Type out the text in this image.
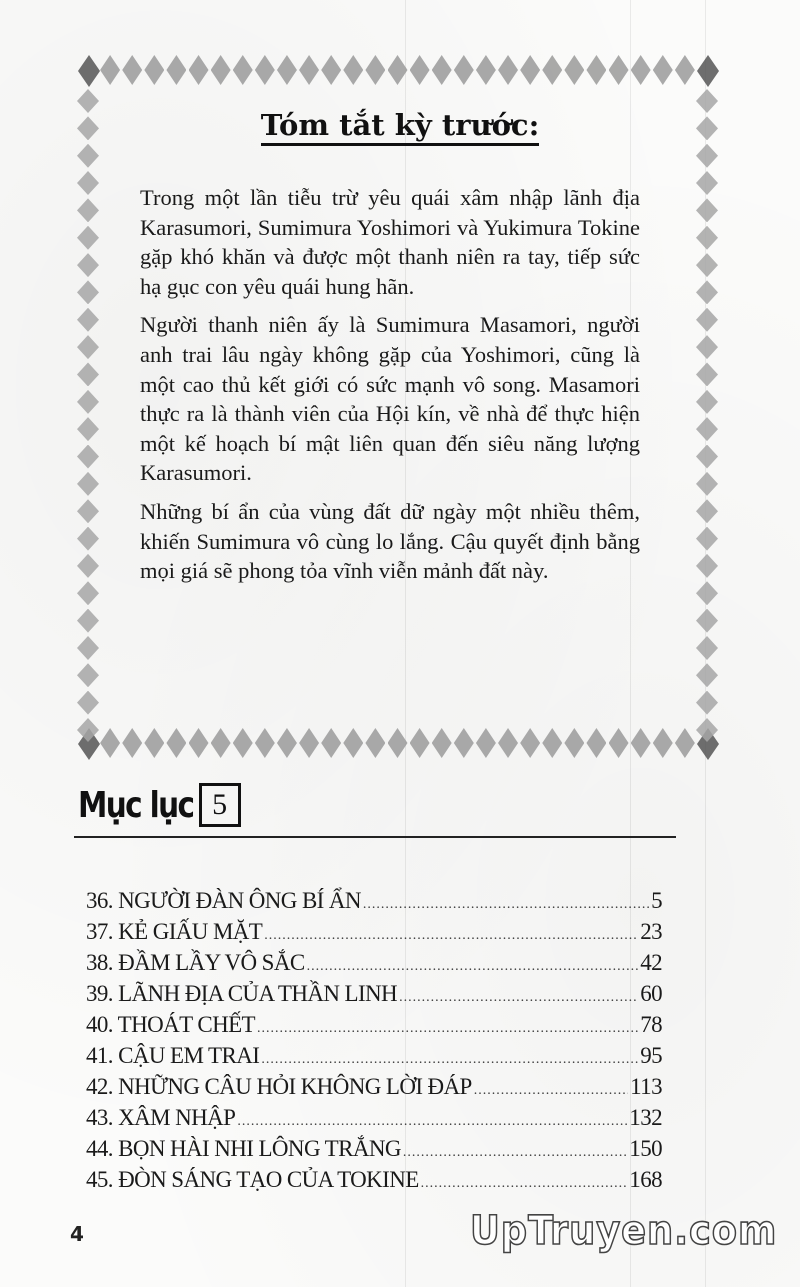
Tóm tắt kỳ trước:

Trong một lần tiễu trừ yêu quái xâm nhập lãnh địa Karasumori, Sumimura Yoshimori và Yukimura Tokine gặp khó khăn và được một thanh niên ra tay, tiếp sức hạ gục con yêu quái hung hãn.

Người thanh niên ấy là Sumimura Masamori, người anh trai lâu ngày không gặp của Yoshimori, cũng là một cao thủ kết giới có sức mạnh vô song. Masamori thực ra là thành viên của Hội kín, về nhà để thực hiện một kế hoạch bí mật liên quan đến siêu năng lượng Karasumori.

Những bí ẩn của vùng đất dữ ngày một nhiều thêm, khiến Sumimura vô cùng lo lắng. Cậu quyết định bằng mọi giá sẽ phong tỏa vĩnh viễn mảnh đất này.

Mục lục 5
36. NGƯỜI ĐÀN ÔNG BÍ ẨN .....	5
37. KẺ GIẤU MẶT .....	23
38. ĐẦM LẦY VÔ SẮC .....	42
39. LÃNH ĐỊA CỦA THẦN LINH .....	60
40. THOÁT CHẾT .....	78
41. CẬU EM TRAI .....	95
42. NHỮNG CÂU HỎI KHÔNG LỜI ĐÁP .....	113
43. XÂM NHẬP .....	132
44. BỌN HÀI NHI LÔNG TRẮNG .....	150
45. ĐÒN SÁNG TẠO CỦA TOKINE .....	168
4	UpTruyen.com
